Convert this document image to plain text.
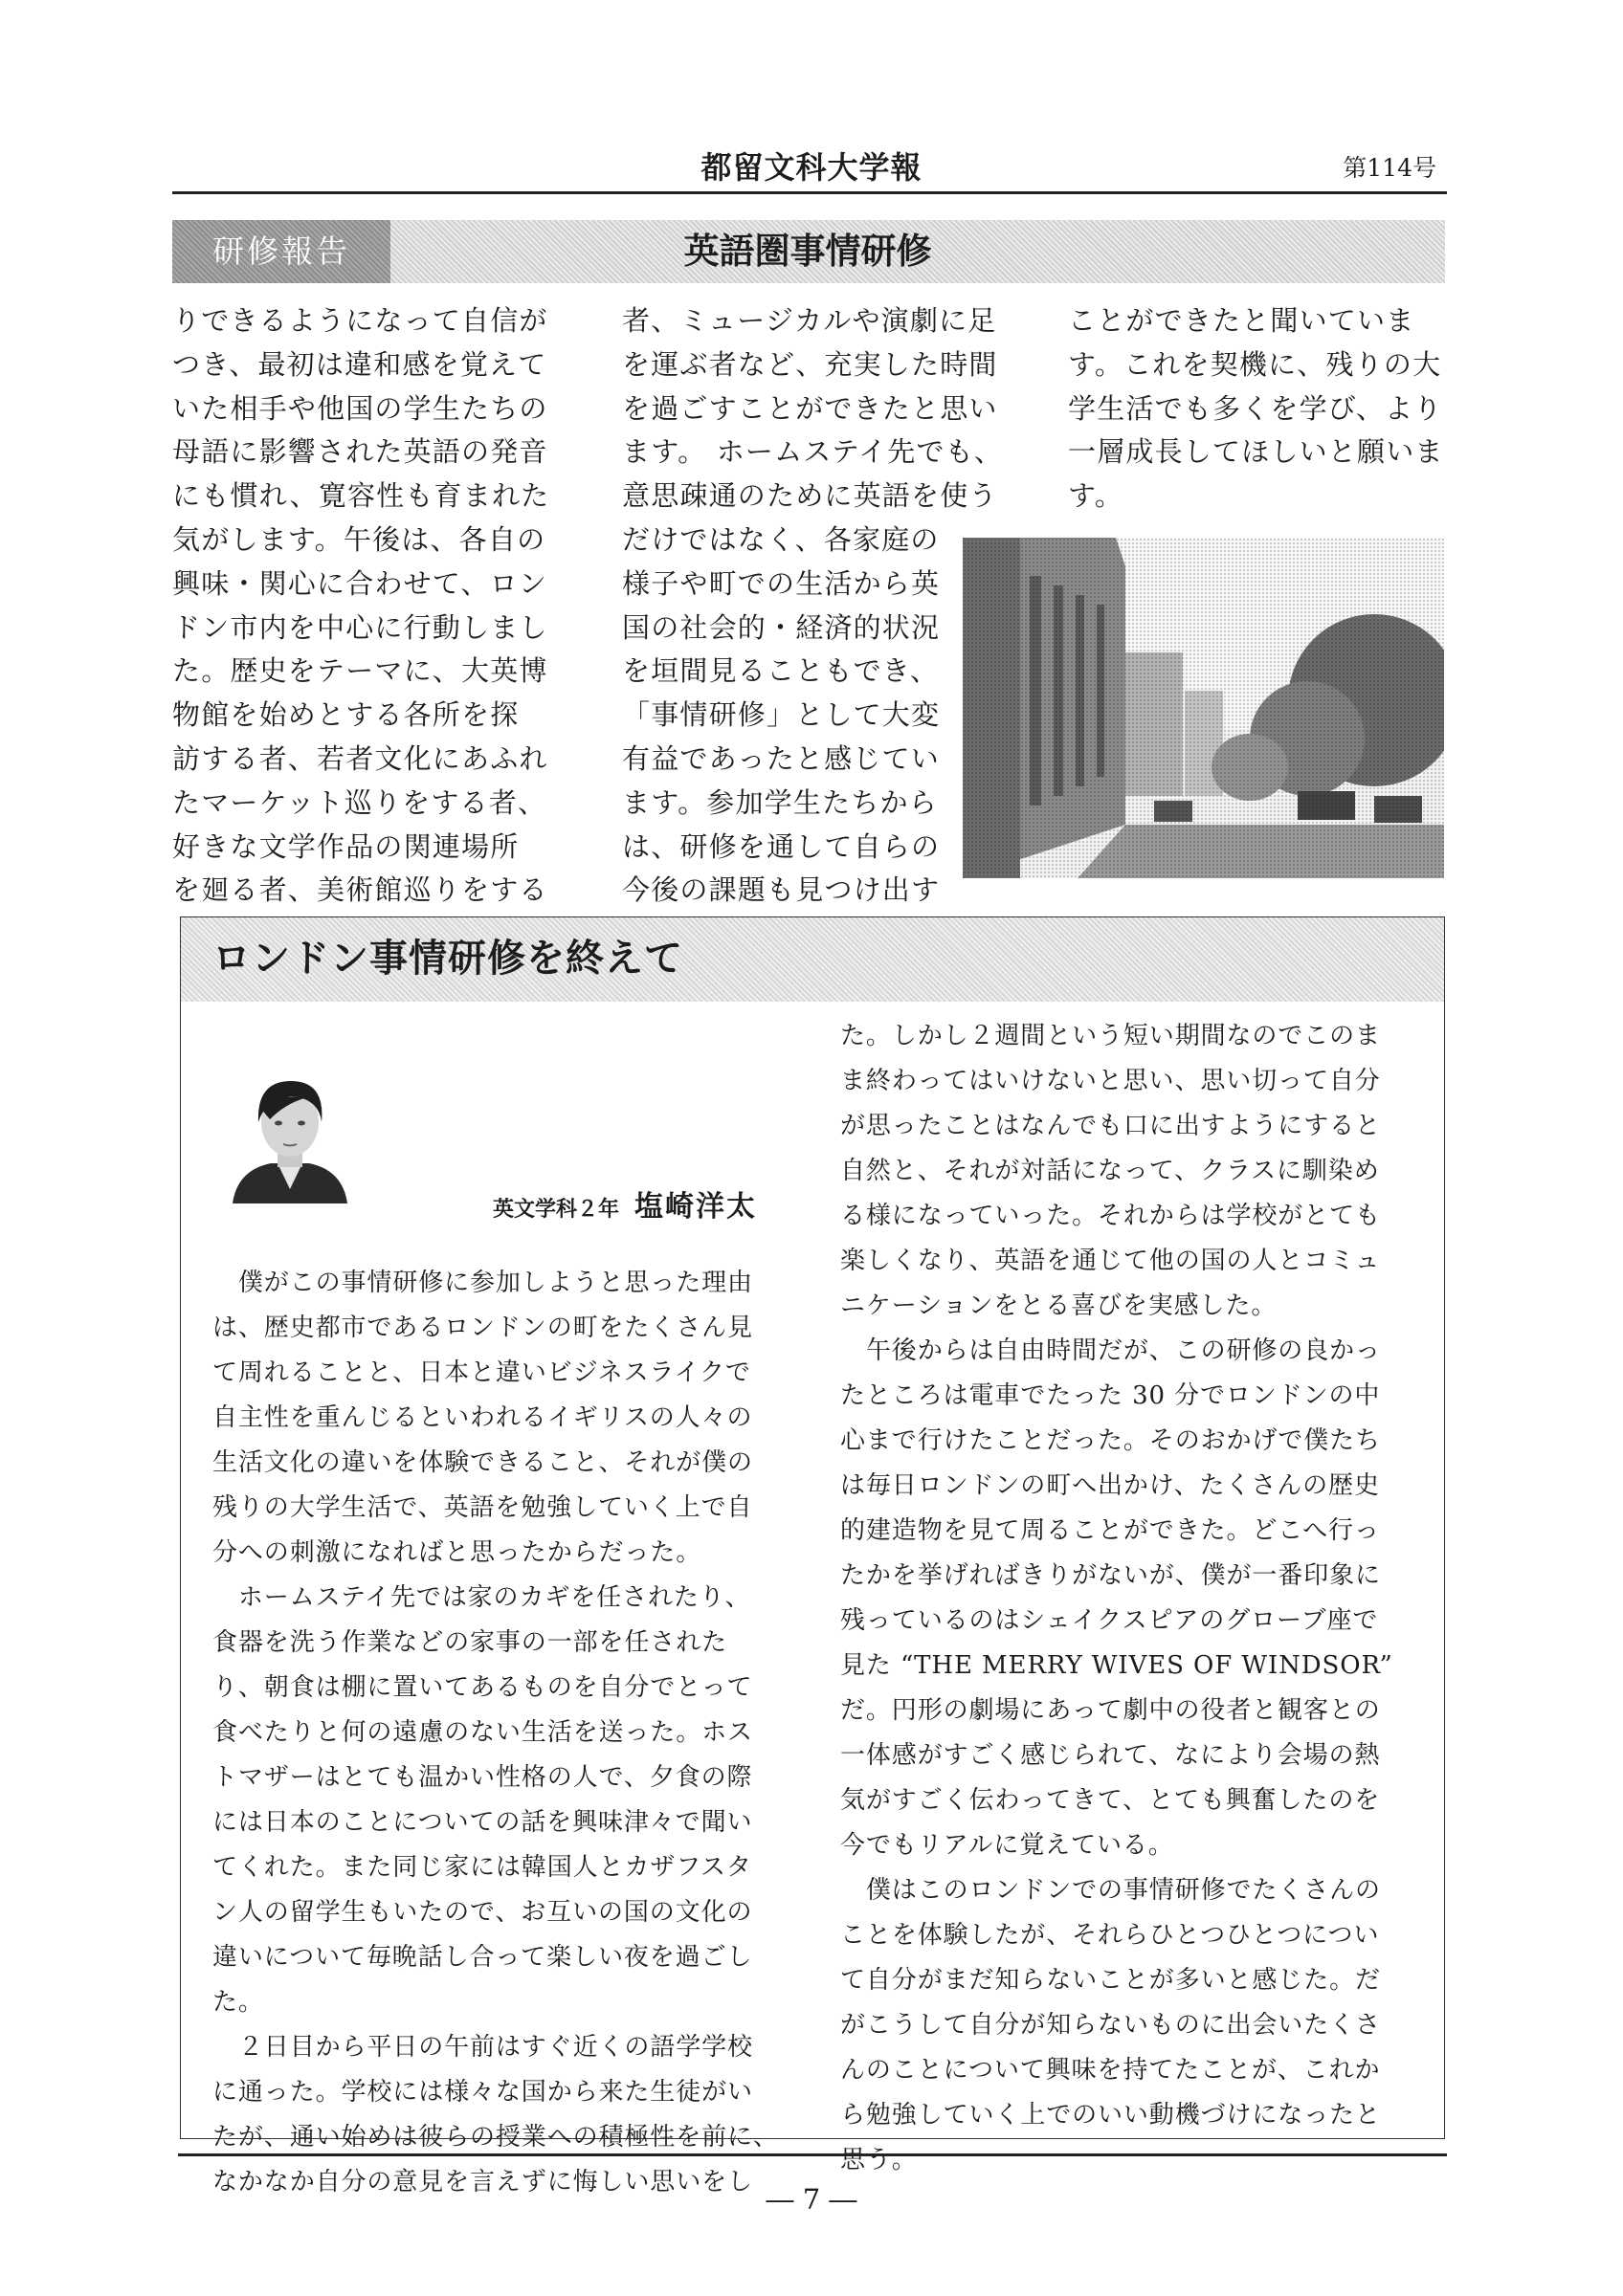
都留文科大学報	第114号
研修報告	英語圏事情研修
りできるようになって自信が
つき、最初は違和感を覚えて
いた相手や他国の学生たちの
母語に影響された英語の発音
にも慣れ、寛容性も育まれた
気がします。午後は、各自の
興味・関心に合わせて、ロン
ドン市内を中心に行動しまし
た。歴史をテーマに、大英博
物館を始めとする各所を探
訪する者、若者文化にあふれ
たマーケット巡りをする者、
好きな文学作品の関連場所
を廻る者、美術館巡りをする
者、ミュージカルや演劇に足
を運ぶ者など、充実した時間
を過ごすことができたと思い
ます。 ホームステイ先でも、
意思疎通のために英語を使う
だけではなく、各家庭の
様子や町での生活から英
国の社会的・経済的状況
を垣間見ることもでき、
「事情研修」として大変
有益であったと感じてい
ます。参加学生たちから
は、研修を通して自らの
今後の課題も見つけ出す
ことができたと聞いていま
す。これを契機に、残りの大
学生活でも多くを学び、より
一層成長してほしいと願いま
す。
ロンドン事情研修を終えて
英文学科２年 塩崎洋太
　僕がこの事情研修に参加しようと思った理由
は、歴史都市であるロンドンの町をたくさん見
て周れることと、日本と違いビジネスライクで
自主性を重んじるといわれるイギリスの人々の
生活文化の違いを体験できること、それが僕の
残りの大学生活で、英語を勉強していく上で自
分への刺激になればと思ったからだった。
　ホームステイ先では家のカギを任されたり、
食器を洗う作業などの家事の一部を任された
り、朝食は棚に置いてあるものを自分でとって
食べたりと何の遠慮のない生活を送った。ホス
トマザーはとても温かい性格の人で、夕食の際
には日本のことについての話を興味津々で聞い
てくれた。また同じ家には韓国人とカザフスタ
ン人の留学生もいたので、お互いの国の文化の
違いについて毎晩話し合って楽しい夜を過ごし
た。
　２日目から平日の午前はすぐ近くの語学学校
に通った。学校には様々な国から来た生徒がい
たが、通い始めは彼らの授業への積極性を前に、
なかなか自分の意見を言えずに悔しい思いをし
た。しかし２週間という短い期間なのでこのま
ま終わってはいけないと思い、思い切って自分
が思ったことはなんでも口に出すようにすると
自然と、それが対話になって、クラスに馴染め
る様になっていった。それからは学校がとても
楽しくなり、英語を通じて他の国の人とコミュ
ニケーションをとる喜びを実感した。
　午後からは自由時間だが、この研修の良かっ
たところは電車でたった 30 分でロンドンの中
心まで行けたことだった。そのおかげで僕たち
は毎日ロンドンの町へ出かけ、たくさんの歴史
的建造物を見て周ることができた。どこへ行っ
たかを挙げればきりがないが、僕が一番印象に
残っているのはシェイクスピアのグローブ座で
見た “THE MERRY WIVES OF WINDSOR”
だ。円形の劇場にあって劇中の役者と観客との
一体感がすごく感じられて、なにより会場の熱
気がすごく伝わってきて、とても興奮したのを
今でもリアルに覚えている。
　僕はこのロンドンでの事情研修でたくさんの
ことを体験したが、それらひとつひとつについ
て自分がまだ知らないことが多いと感じた。だ
がこうして自分が知らないものに出会いたくさ
んのことについて興味を持てたことが、これか
ら勉強していく上でのいい動機づけになったと
思う。
― 7 ―
